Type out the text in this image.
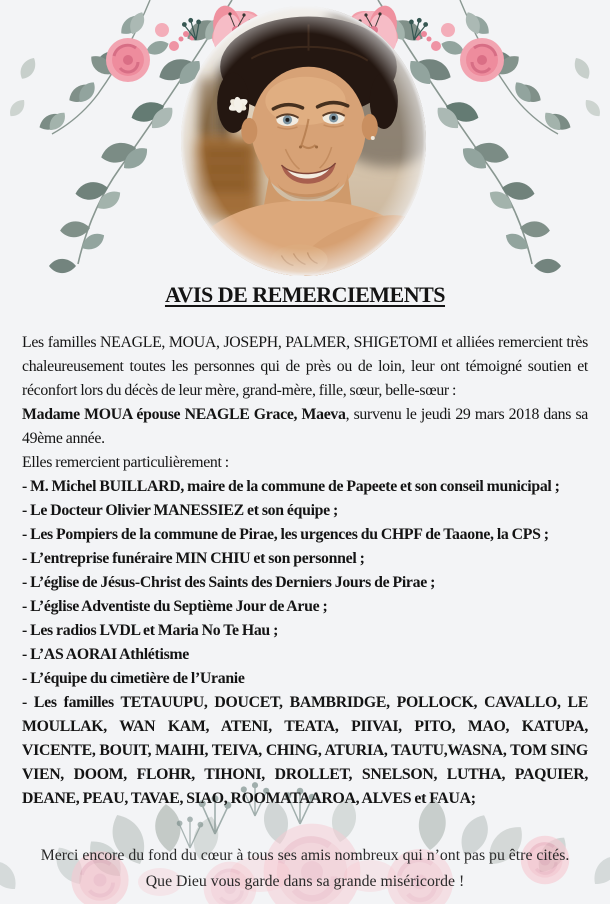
AVIS DE REMERCIEMENTS

Les familles NEAGLE, MOUA, JOSEPH, PALMER, SHIGETOMI et alliées remercient très chaleureusement toutes les personnes qui de près ou de loin, leur ont témoigné soutien et réconfort lors du décès de leur mère, grand-mère, fille, sœur, belle-sœur :

Madame MOUA épouse NEAGLE Grace, Maeva, survenu le jeudi 29 mars 2018 dans sa 49ème année.

Elles remercient particulièrement :

- M. Michel BUILLARD, maire de la commune de Papeete et son conseil municipal ;

- Le Docteur Olivier MANESSIEZ et son équipe ;

- Les Pompiers de la commune de Pirae, les urgences du CHPF de Taaone, la CPS ;

- L’entreprise funéraire MIN CHIU et son personnel ;

- L’église de Jésus-Christ des Saints des Derniers Jours de Pirae ;

- L’église Adventiste du Septième Jour de Arue ;

- Les radios LVDL et Maria No Te Hau ;

- L’AS AORAI Athlétisme

- L’équipe du cimetière de l’Uranie

- Les familles TETAUUPU, DOUCET, BAMBRIDGE, POLLOCK, CAVALLO, LE MOULLAK, WAN KAM, ATENI, TEATA, PIIVAI, PITO, MAO, KATUPA, VICENTE, BOUIT, MAIHI, TEIVA, CHING, ATURIA, TAUTU,WASNA, TOM SING VIEN, DOOM, FLOHR, TIHONI, DROLLET, SNELSON, LUTHA, PAQUIER, DEANE, PEAU, TAVAE, SIAO, ROOMATAAROA, ALVES et FAUA;

Merci encore du fond du cœur à tous ses amis nombreux qui n’ont pas pu être cités.
Que Dieu vous garde dans sa grande miséricorde !
